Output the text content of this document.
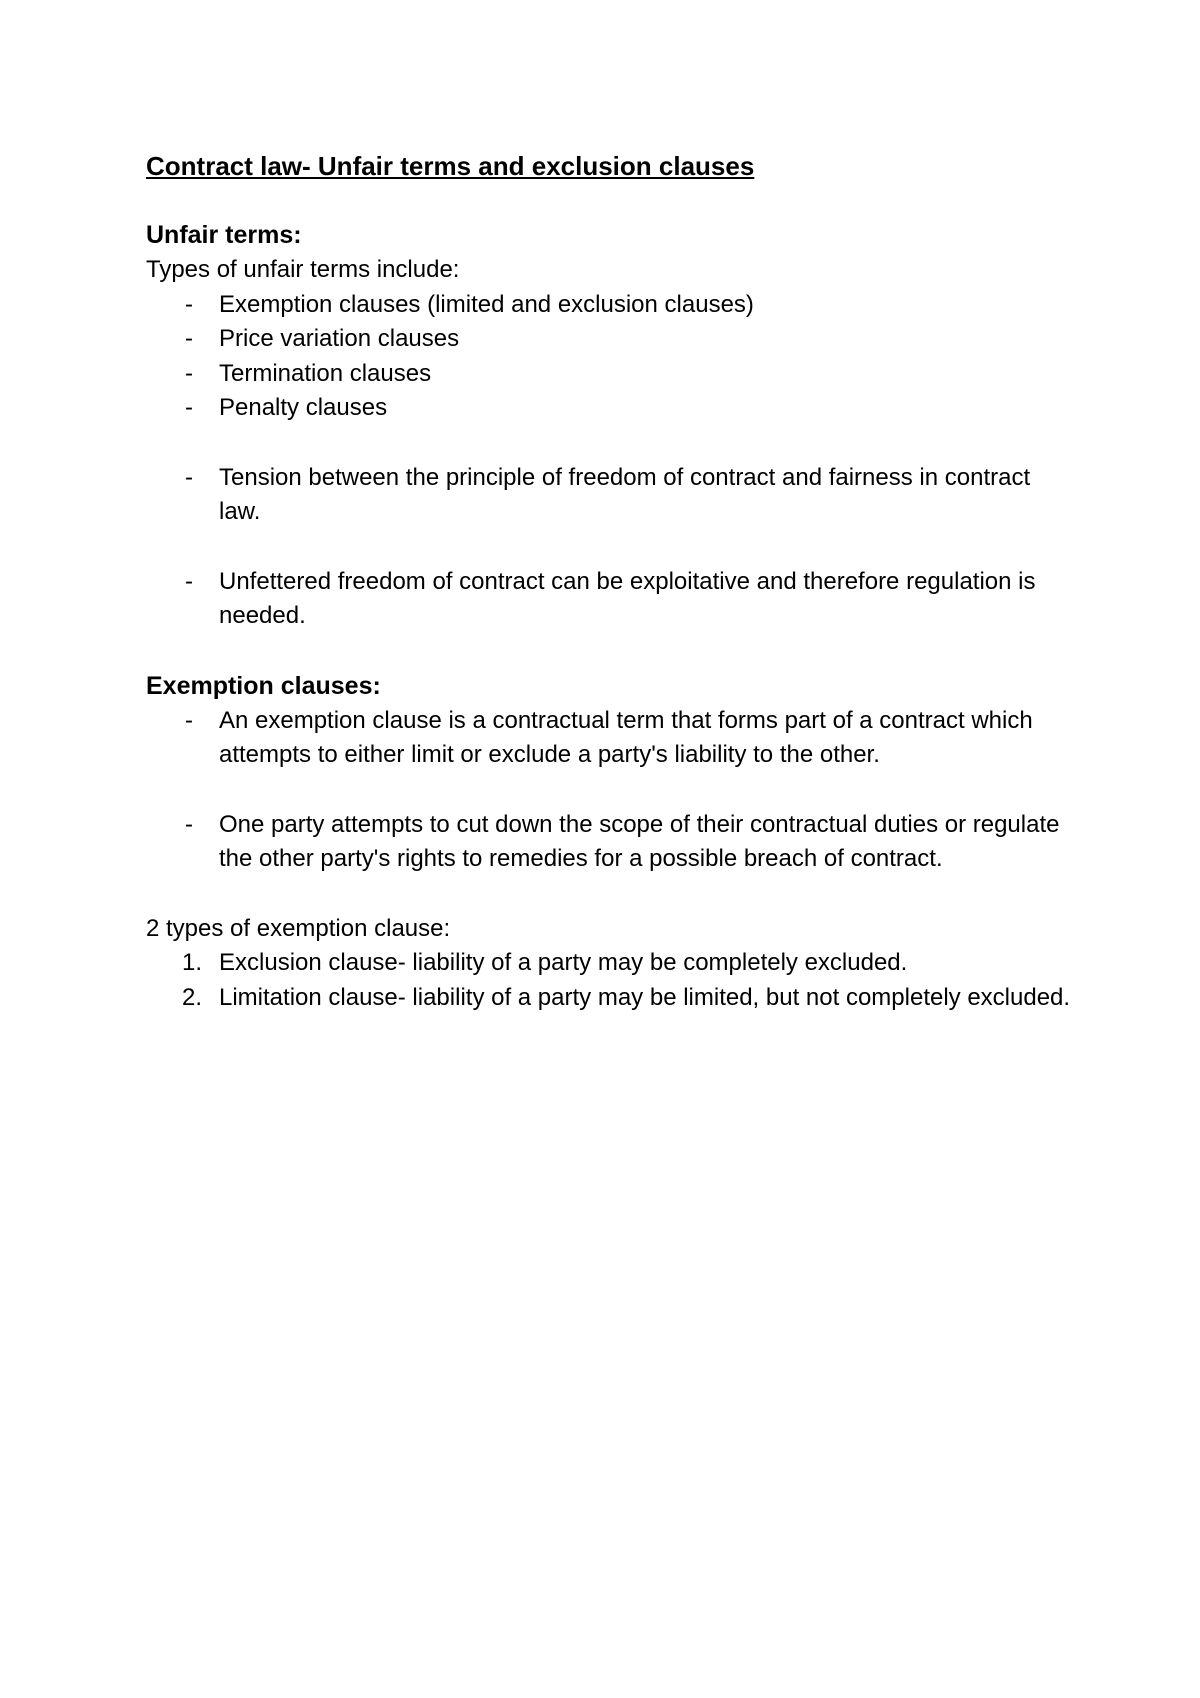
Contract law- Unfair terms and exclusion clauses
Unfair terms:
Types of unfair terms include:
- Exemption clauses (limited and exclusion clauses)
- Price variation clauses
- Termination clauses
- Penalty clauses
- Tension between the principle of freedom of contract and fairness in contract law.
- Unfettered freedom of contract can be exploitative and therefore regulation is needed.
Exemption clauses:
- An exemption clause is a contractual term that forms part of a contract which attempts to either limit or exclude a party's liability to the other.
- One party attempts to cut down the scope of their contractual duties or regulate the other party's rights to remedies for a possible breach of contract.
2 types of exemption clause:
1. Exclusion clause- liability of a party may be completely excluded.
2. Limitation clause- liability of a party may be limited, but not completely excluded.
